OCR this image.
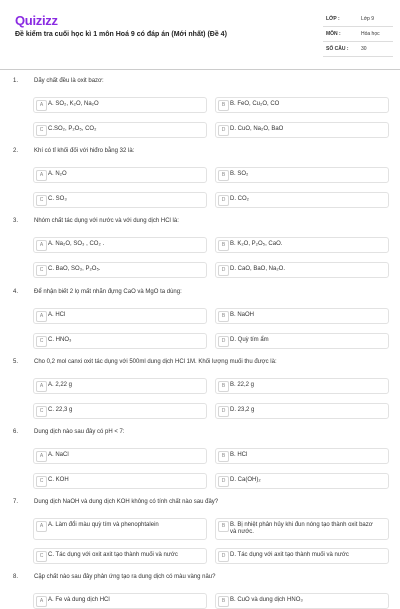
Quizizz
Đề kiểm tra cuối học kì 1 môn Hoá 9 có đáp án (Mới nhất) (Đề 4)
LỚP :	Lớp 9
MÔN :	Hóa học
SỐ CÂU :	30
1.	Dãy chất đều là oxit bazơ:
A A. SO₂, K₂O, Na₂O	B B. FeO, Cu₂O, CO
C C.SO₂, P₂O₅, CO₂	D D. CuO, Na₂O, BaO
2.	Khí có tỉ khối đối với hiđro bằng 32 là:
A A. N₂O	B B. SO₂
C C. SO₃	D D. CO₂
3.	Nhóm chất tác dụng với nước và với dung dịch HCl là:
A A. Na₂O, SO₃ , CO₂ .	B B. K₂O, P₂O₅, CaO.
C C. BaO, SO₃, P₂O₅.	D D. CaO, BaO, Na₂O.
4.	Để nhận biết 2 lọ mất nhãn đựng CaO và MgO ta dùng:
A A. HCl	B B. NaOH
C C. HNO₃	D D. Quỳ tím ẩm
5.	Cho 0,2 mol canxi oxit tác dụng với 500ml dung dịch HCl 1M. Khối lượng muối thu được là:
A A. 2,22 g	B B. 22,2 g
C C. 22,3 g	D D. 23,2 g
6.	Dung dịch nào sau đây có pH < 7:
A A. NaCl	B B. HCl
C C. KOH	D D. Ca(OH)₂
7.	Dung dịch NaOH và dung dịch KOH không có tính chất nào sau đây?
A A. Làm đổi màu quỳ tím và phenophtalein	B B. Bị nhiệt phân hủy khi đun nóng tạo thành oxit bazơ và nước.
C C. Tác dụng với oxit axit tạo thành muối và nước	D D. Tác dụng với axit tạo thành muối và nước
8.	Cặp chất nào sau đây phản ứng tạo ra dung dịch có màu vàng nâu?
A A. Fe và dung dịch HCl	B B. CuO và dung dịch HNO₃
